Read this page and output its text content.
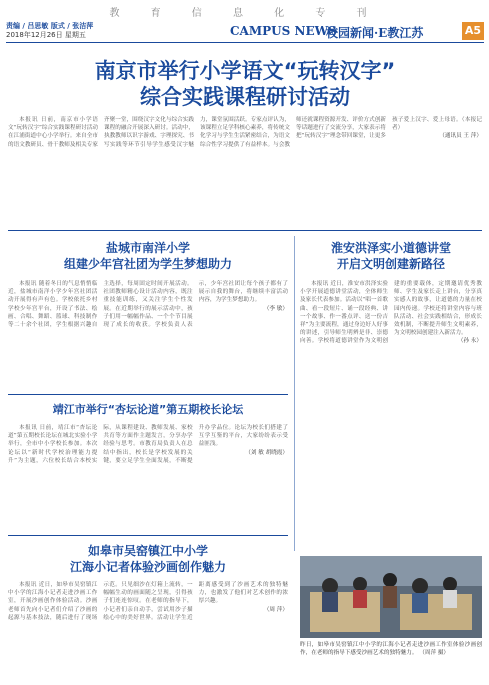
教 育 信 息 化 专 刊
责编 / 吕思敏 版式 / 张洁萍
2018年12月26日 星期五	CAMPUS NEWS
校园新闻·E教江苏	A5
南京市举行小学语文“玩转汉字”
综合实践课程研讨活动

本报讯 日前，南京市小学语文“玩转汉字”综合实践课程研讨活动在江浦街道中心小学举行。来自全市的语文教研员、骨干教师及相关专家齐聚一堂，围绕汉字文化与综合实践课程的融合开展深入研讨。活动中，执教教师以识字游戏、字理探究、书写实践等环节引导学生感受汉字魅力，课堂氛围活跃。专家点评认为，该课程立足学科核心素养，将传统文化学习与学生生活紧密结合，为语文综合性学习提供了有益样本。与会教师还就课程资源开发、评价方式创新等话题进行了交流分享，大家表示将把“玩转汉字”理念带回课堂，让更多孩子爱上汉字、爱上母语。（本报记者）

（通讯员 王 萍）
盐城市南洋小学
组建少年宫社团为学生梦想助力

本报讯 随着冬日的气息悄悄临近，盐城市南洋小学少年宫社团活动开展得有声有色。学校依托乡村学校少年宫平台，开设了书法、绘画、合唱、舞蹈、篮球、科技制作等二十余个社团，学生根据兴趣自主选择，每周固定时间开展活动。社团教师精心设计活动内容，既注重技能训练，又关注学生个性发展。在近期举行的展示活动中，孩子们用一幅幅作品、一个个节目展现了成长的收获。学校负责人表示，少年宫社团让每个孩子都有了展示自我的舞台，将继续丰富活动内容，为学生梦想助力。

（李 敏）
淮安洪泽实小道德讲堂
开启文明创建新路径

本报讯 近日，淮安市洪泽实验小学开展道德讲堂活动，全体师生及家长代表参加。活动以“唱一首歌曲、看一段短片、诵一段经典、讲一个故事、作一番点评、送一份吉祥”为主要流程，通过身边好人好事的讲述，引导师生明辨是非、崇德向善。学校将道德讲堂作为文明创建的重要载体，定期邀请优秀教师、学生及家长走上讲台，分享真实感人的故事，让道德的力量在校园内传递。学校还将讲堂内容与班队活动、社会实践相结合，形成长效机制，不断提升师生文明素养，为文明校园创建注入新活力。

（孙 永）
靖江市举行“杏坛论道”第五期校长论坛

本报讯 日前，靖江市“杏坛论道”第五期校长论坛在城北实验小学举行，全市中小学校长参加。本次论坛以“新时代学校治理能力提升”为主题，六位校长结合本校实际，从课程建设、教师发展、家校共育等方面作主题发言，分享办学经验与思考。市教育局负责人在总结中指出，校长是学校发展的关键，要立足学生全面发展，不断提升办学品位。论坛为校长们搭建了互学互鉴的平台，大家纷纷表示受益匪浅。

（刘 敏 胡晓霞）
如皋市吴窑镇江中小学
江海小记者体验沙画创作魅力

本报讯 近日，如皋市吴窑镇江中小学的江海小记者走进沙画工作室，开展沙画创作体验活动。沙画老师首先向小记者们介绍了沙画的起源与基本技法，随后进行了现场示范。只见细沙在灯箱上流转，一幅幅生动的画面随之呈现，引得孩子们连连惊叹。在老师的指导下，小记者们亲自动手，尝试用沙子描绘心中的美好世界。活动让学生近距离感受到了沙画艺术的独特魅力，也激发了他们对艺术创作的浓厚兴趣。

（周 萍）
昨日，如皋市吴窑镇江中小学的江海小记者走进沙画工作室体验沙画创作，在老师的指导下感受沙画艺术的独特魅力。 （周萍 摄）
